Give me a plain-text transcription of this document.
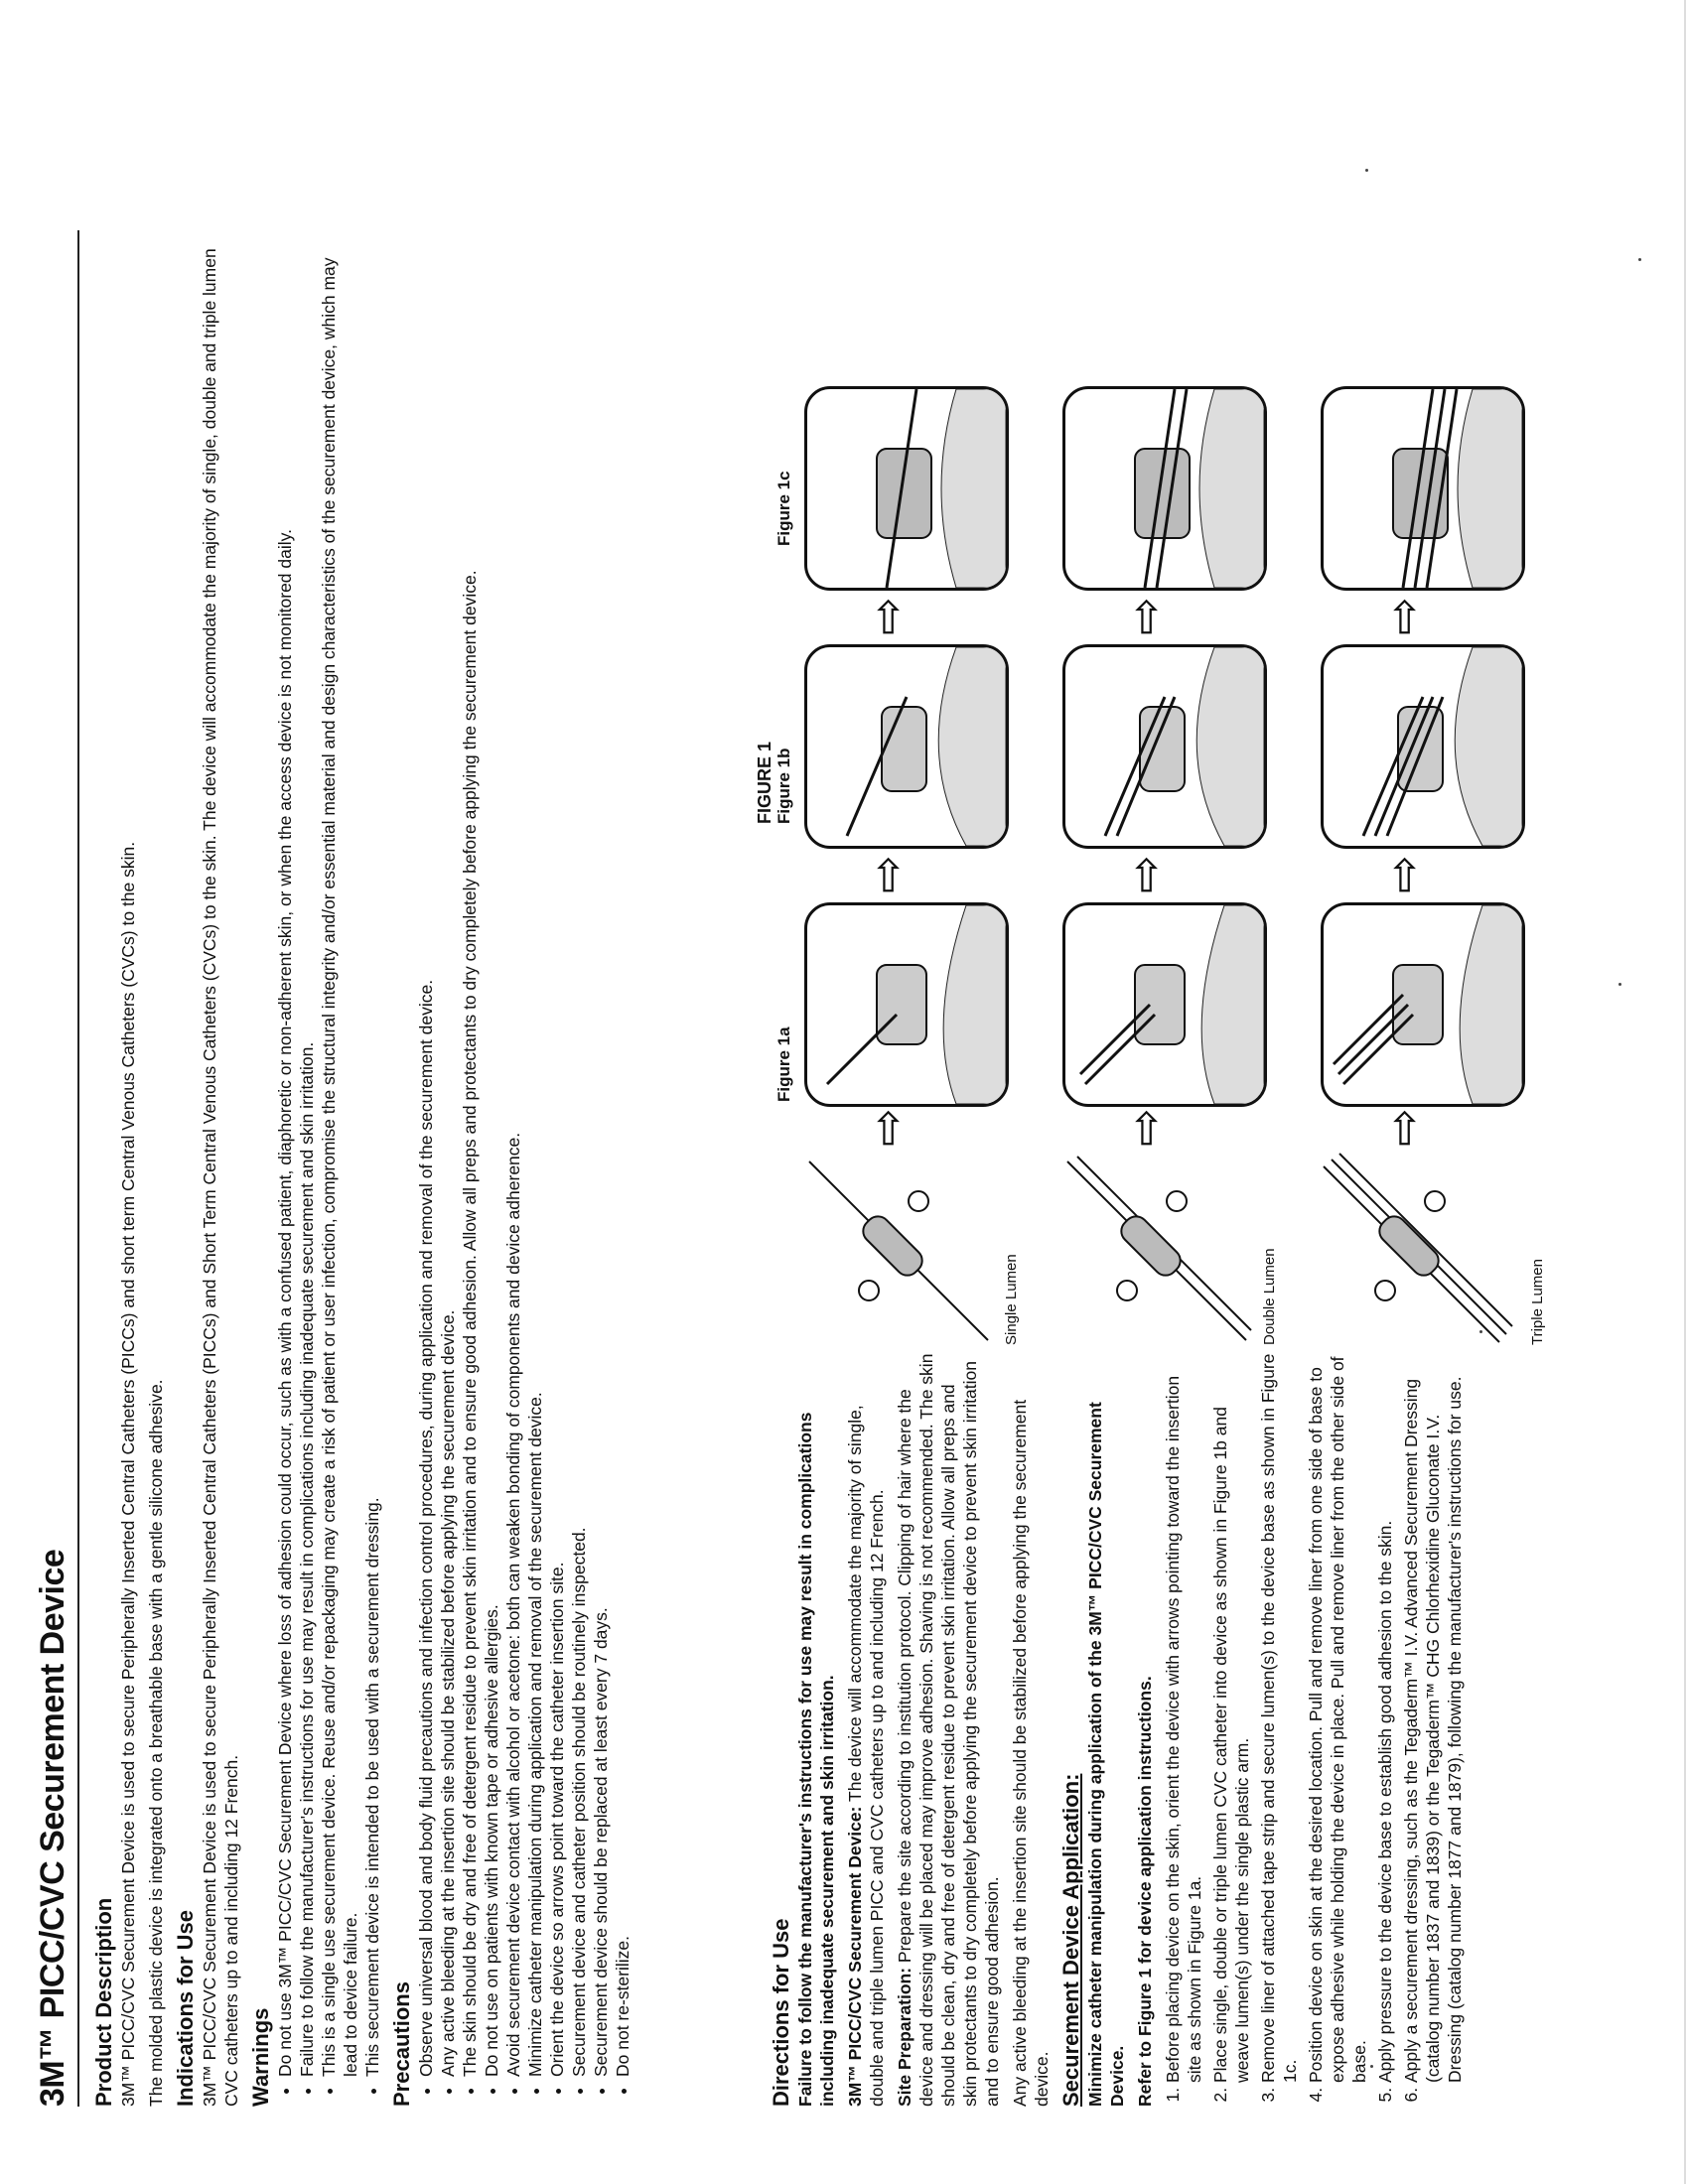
3M™ PICC/CVC Securement Device Product Description 3M™ PICC/CVC Securement Device is used to secure Peripherally Inserted Central Catheters (PICCs) and short term Central Venous Catheters (CVCs) to the skin. The molded plastic device is integrated onto a breathable base with a gentle silicone adhesive. Indications for Use 3M™ PICC/CVC Securement Device is used to secure Peripherally Inserted Central Catheters (PICCs) and Short Term Central Venous Catheters (CVCs) to the skin. The device will accommodate the majority of single, double and triple lumen CVC catheters up to and including 12 French. Warnings • Do not use 3M™ PICC/CVC Securement Device where loss of adhesion could occur, such as with a confused patient, diaphoretic or non-adherent skin, or when the access device is not monitored daily. • Failure to follow the manufacturer's instructions for use may result in complications including inadequate securement and skin irritation. • This is a single use securement device. Reuse and/or repackaging may create a risk of patient or user infection, compromise the structural integrity and/or essential material and design characteristics of the securement device, which may lead to device failure. • This securement device is intended to be used with a securement dressing. Precautions • Observe universal blood and body fluid precautions and infection control procedures, during application and removal of the securement device. • Any active bleeding at the insertion site should be stabilized before applying the securement device. • The skin should be dry and free of detergent residue to prevent skin irritation and to ensure good adhesion. Allow all preps and protectants to dry completely before applying the securement device. • Do not use on patients with known tape or adhesive allergies. • Avoid securement device contact with alcohol or acetone: both can weaken bonding of components and device adherence. • Minimize catheter manipulation during application and removal of the securement device. • Orient the device so arrows point toward the catheter insertion site. • Securement device and catheter position should be routinely inspected. • Securement device should be replaced at least every 7 days. • Do not re-sterilize.	Directions for Use Failure to follow the manufacturer's instructions for use may result in complications including inadequate securement and skin irritation. 3M™ PICC/CVC Securement Device: The device will accommodate the majority of single, double and triple lumen PICC and CVC catheters up to and including 12 French. Site Preparation: Prepare the site according to institution protocol. Clipping of hair where the device and dressing will be placed may improve adhesion. Shaving is not recommended. The skin should be clean, dry and free of detergent residue to prevent skin irritation. Allow all preps and skin protectants to dry completely before applying the securement device to prevent skin irritation and to ensure good adhesion. Any active bleeding at the insertion site should be stabilized before applying the securement device. Securement Device Application: Minimize catheter manipulation during application of the 3M™ PICC/CVC Securement Device. Refer to Figure 1 for device application instructions. 1. Before placing device on the skin, orient the device with arrows pointing toward the insertion site as shown in Figure 1a. 2. Place single, double or triple lumen CVC catheter into device as shown in Figure 1b and weave lumen(s) under the single plastic arm. 3. Remove liner of attached tape strip and secure lumen(s) to the device base as shown in Figure 1c. 4. Position device on skin at the desired location. Pull and remove liner from one side of base to expose adhesive while holding the device in place. Pull and remove liner from the other side of base. 5. Apply pressure to the device base to establish good adhesion to the skin. 6. Apply a securement dressing, such as the Tegaderm™ I.V. Advanced Securement Dressing (catalog number 1837 and 1839) or the Tegaderm™ CHG Chlorhexidine Gluconate I.V. Dressing (catalog number 1877 and 1879), following the manufacturer's instructions for use.
FIGURE 1
Figure 1a
Figure 1b
Figure 1c
⇨
⇨
⇨
Single Lumen
⇨
⇨
⇨
Double Lumen
⇨
⇨
⇨
Triple Lumen
